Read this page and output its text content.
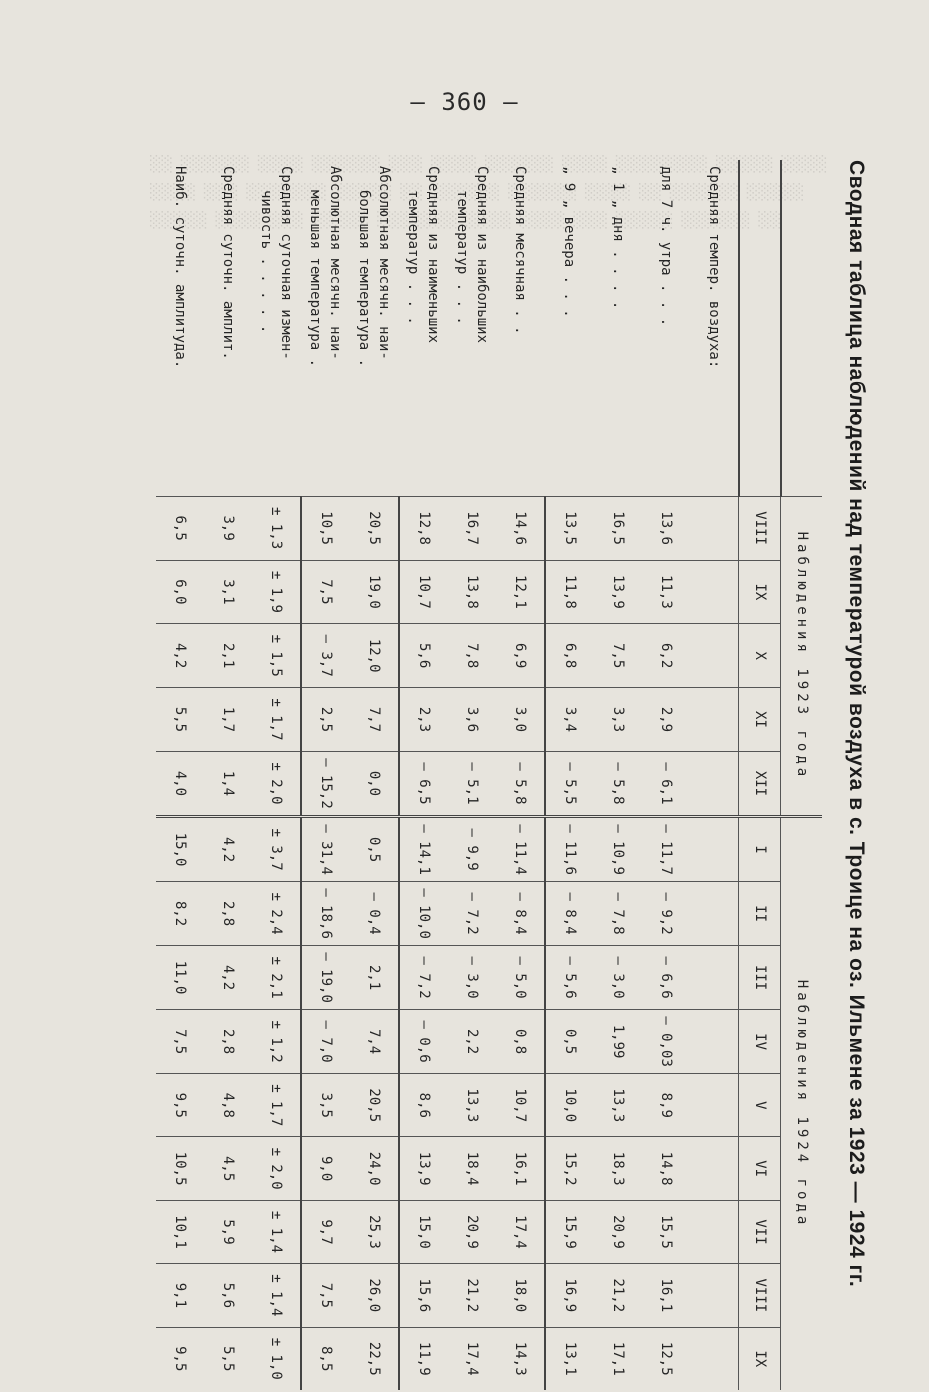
░░ ░░░░░░ ░░░░ ░░░░░░ ░░░ ░░░░ ░░░░░░ ░░░░ ░░░░░░░░ ░░░░░ ░░░░
░░░░ ░░░ ░░░░░░░ ░░░░░ ░░ ░░░░░░ ░░░░░░ ░░░░ ░░ ░░░░░░ ░░░░░
░░░░░ ░░░░ ░░░ ░░░░░ ░░░░░░░ ░░░░ ░░░░ ░░░ ░░░░░ ░░░░░░ ░░

— 360 —
Сводная таблица наблюдений над температурой воздуха в с. Троице на оз. Ильмене за 1923 — 1924 гг.
	Наблюдения 1923 года					Наблюдения 1924 года								
	VIII	IX	X	XI	XII	I	II	III	IV	V	VI	VII	VIII	IX

Средняя темпер. воздуха:														

для 7 ч. утра . . .	13,6	11,3	6,2	2,9	— 6,1	— 11,7	— 9,2	— 6,6	— 0,03	8,9	14,8	15,5	16,1	12,5

„ 1 „ дня . . . .	16,5	13,9	7,5	3,3	— 5,8	— 10,9	— 7,8	— 3,0	1,99	13,3	18,3	20,9	21,2	17,1

„ 9 „ вечера . . .	13,5	11,8	6,8	3,4	— 5,5	— 11,6	— 8,4	— 5,6	0,5	10,0	15,2	15,9	16,9	13,1

Средняя месячная . .	14,6	12,1	6,9	3,0	— 5,8	— 11,4	— 8,4	— 5,0	0,8	10,7	16,1	17,4	18,0	14,3

Средняя из наибольших
температур . . .	16,7	13,8	7,8	3,6	— 5,1	— 9,9	— 7,2	— 3,0	2,2	13,3	18,4	20,9	21,2	17,4

Средняя из наименьших
температур . . .	12,8	10,7	5,6	2,3	— 6,5	— 14,1	— 10,0	— 7,2	— 0,6	8,6	13,9	15,0	15,6	11,9

Абсолютная месячн. наи-
большая температура .	20,5	19,0	12,0	7,7	0,0	0,5	— 0,4	2,1	7,4	20,5	24,0	25,3	26,0	22,5

Абсолютная месячн. наи-
меньшая температура .	10,5	7,5	— 3,7	2,5	— 15,2	— 31,4	— 18,6	— 19,0	— 7,0	3,5	9,0	9,7	7,5	8,5

Средняя суточная измен-
чивость . . . . .	± 1,3	± 1,9	± 1,5	± 1,7	± 2,0	± 3,7	± 2,4	± 2,1	± 1,2	± 1,7	± 2,0	± 1,4	± 1,4	± 1,0

Средняя суточн. амплит.	3,9	3,1	2,1	1,7	1,4	4,2	2,8	4,2	2,8	4,8	4,5	5,9	5,6	5,5

Наиб. суточн. амплитуда.	6,5	6,0	4,2	5,5	4,0	15,0	8,2	11,0	7,5	9,5	10,5	10,1	9,1	9,5
